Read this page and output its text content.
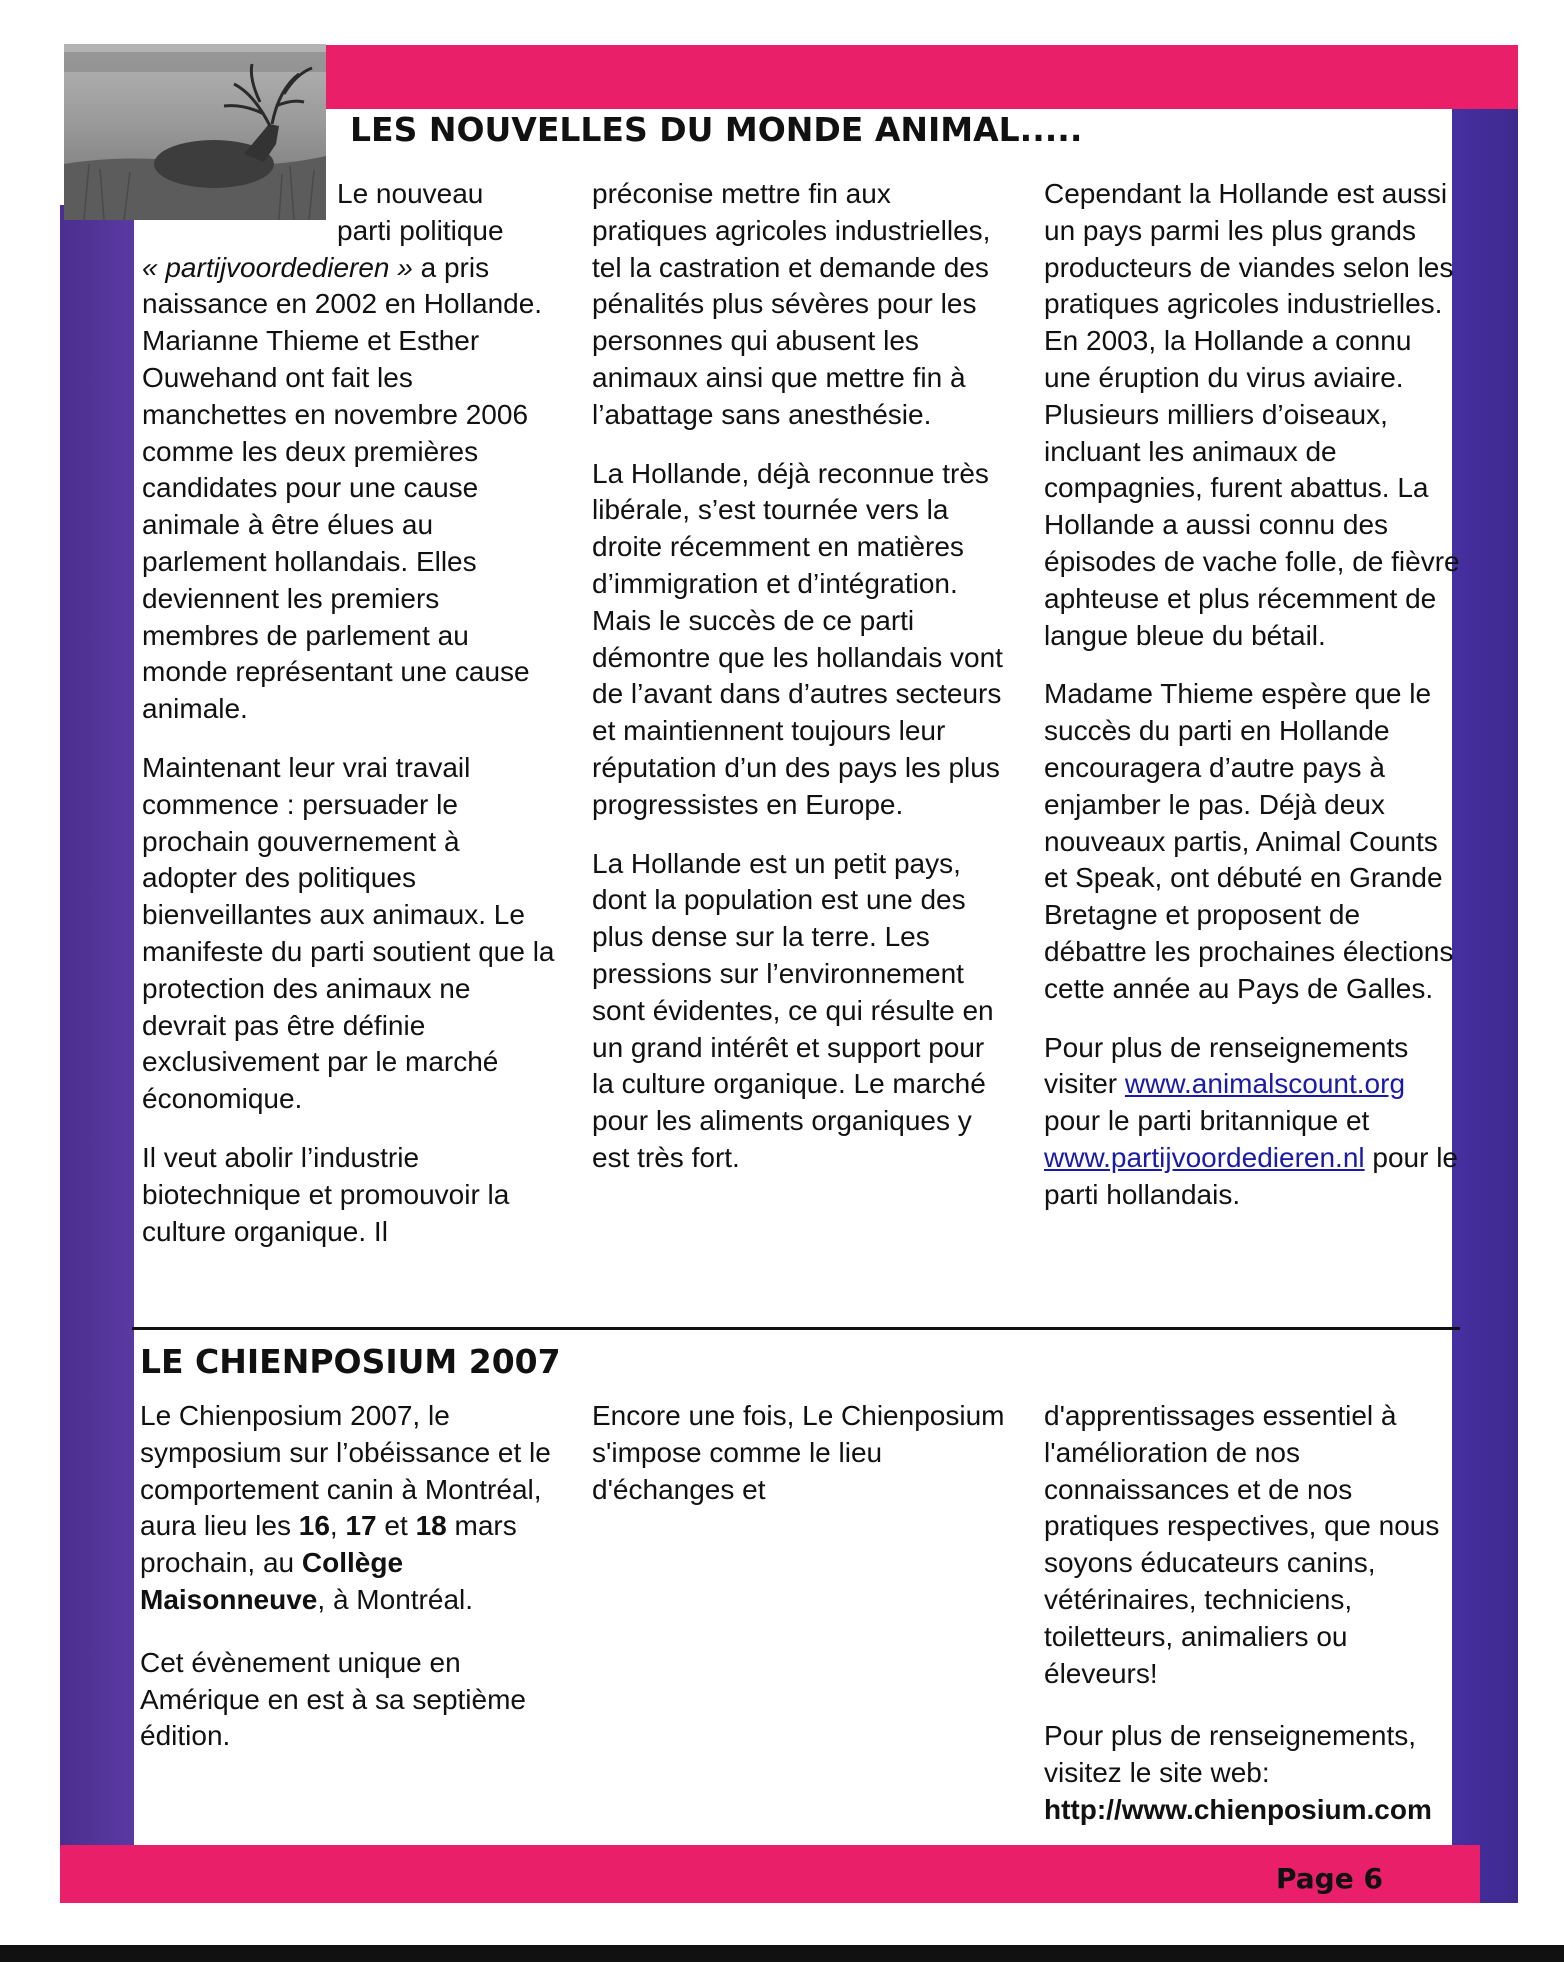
LES NOUVELLES DU MONDE ANIMAL.....

Le nouveau
parti politique
« partijvoordedieren » a pris naissance en 2002 en Hollande. Marianne Thieme et Esther Ouwehand ont fait les manchettes en novembre 2006 comme les deux premières candidates pour une cause animale à être élues au parlement hollandais. Elles deviennent les premiers membres de parlement au monde représentant une cause animale.

Maintenant leur vrai travail commence : persuader le prochain gouvernement à adopter des politiques bienveillantes aux animaux. Le manifeste du parti soutient que la protection des animaux ne devrait pas être définie exclusivement par le marché économique.

Il veut abolir l’industrie biotechnique et promouvoir la culture organique. Il

préconise mettre fin aux pratiques agricoles industrielles, tel la castration et demande des pénalités plus sévères pour les personnes qui abusent les animaux ainsi que mettre fin à l’abattage sans anesthésie.

La Hollande, déjà reconnue très libérale, s’est tournée vers la droite récemment en matières d’immigration et d’intégration. Mais le succès de ce parti démontre que les hollandais vont de l’avant dans d’autres secteurs et maintiennent toujours leur réputation d’un des pays les plus progressistes en Europe.

La Hollande est un petit pays, dont la population est une des plus dense sur la terre. Les pressions sur l’environnement sont évidentes, ce qui résulte en un grand intérêt et support pour la culture organique. Le marché pour les aliments organiques y est très fort.

Cependant la Hollande est aussi un pays parmi les plus grands producteurs de viandes selon les pratiques agricoles industrielles. En 2003, la Hollande a connu une éruption du virus aviaire. Plusieurs milliers d’oiseaux, incluant les animaux de compagnies, furent abattus. La Hollande a aussi connu des épisodes de vache folle, de fièvre aphteuse et plus récemment de langue bleue du bétail.

Madame Thieme espère que le succès du parti en Hollande encouragera d’autre pays à enjamber le pas. Déjà deux nouveaux partis, Animal Counts et Speak, ont débuté en Grande Bretagne et proposent de débattre les prochaines élections cette année au Pays de Galles.

Pour plus de renseignements visiter www.animalscount.org pour le parti britannique et www.partijvoordedieren.nl pour le parti hollandais.

LE CHIENPOSIUM 2007

Le Chienposium 2007, le symposium sur l’obéissance et le comportement canin à Montréal, aura lieu les 16, 17 et 18 mars prochain, au Collège Maisonneuve, à Montréal.

Cet évènement unique en Amérique en est à sa septième édition.

Encore une fois, Le Chienposium s'impose comme le lieu d'échanges et

d'apprentissages essentiel à l'amélioration de nos connaissances et de nos pratiques respectives, que nous soyons éducateurs canins, vétérinaires, techniciens, toiletteurs, animaliers ou éleveurs!

Pour plus de renseignements, visitez le site web: http://www.chienposium.com

Page 6
